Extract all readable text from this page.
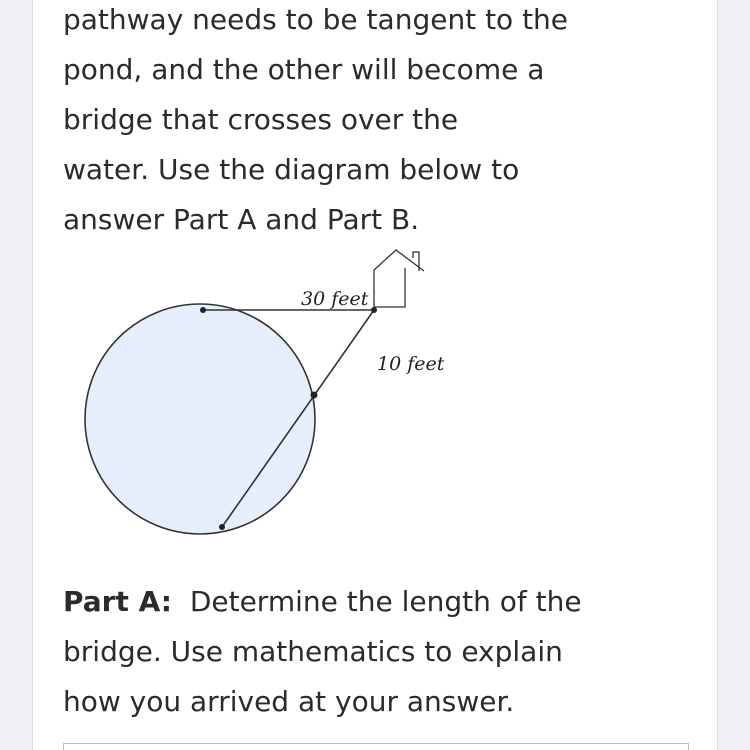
pathway needs to be tangent to the
pond, and the other will become a
bridge that crosses over the
water. Use the diagram below to
answer Part A and Part B.

30 feet
10 feet

Part A: Determine the length of the
bridge. Use mathematics to explain
how you arrived at your answer.
